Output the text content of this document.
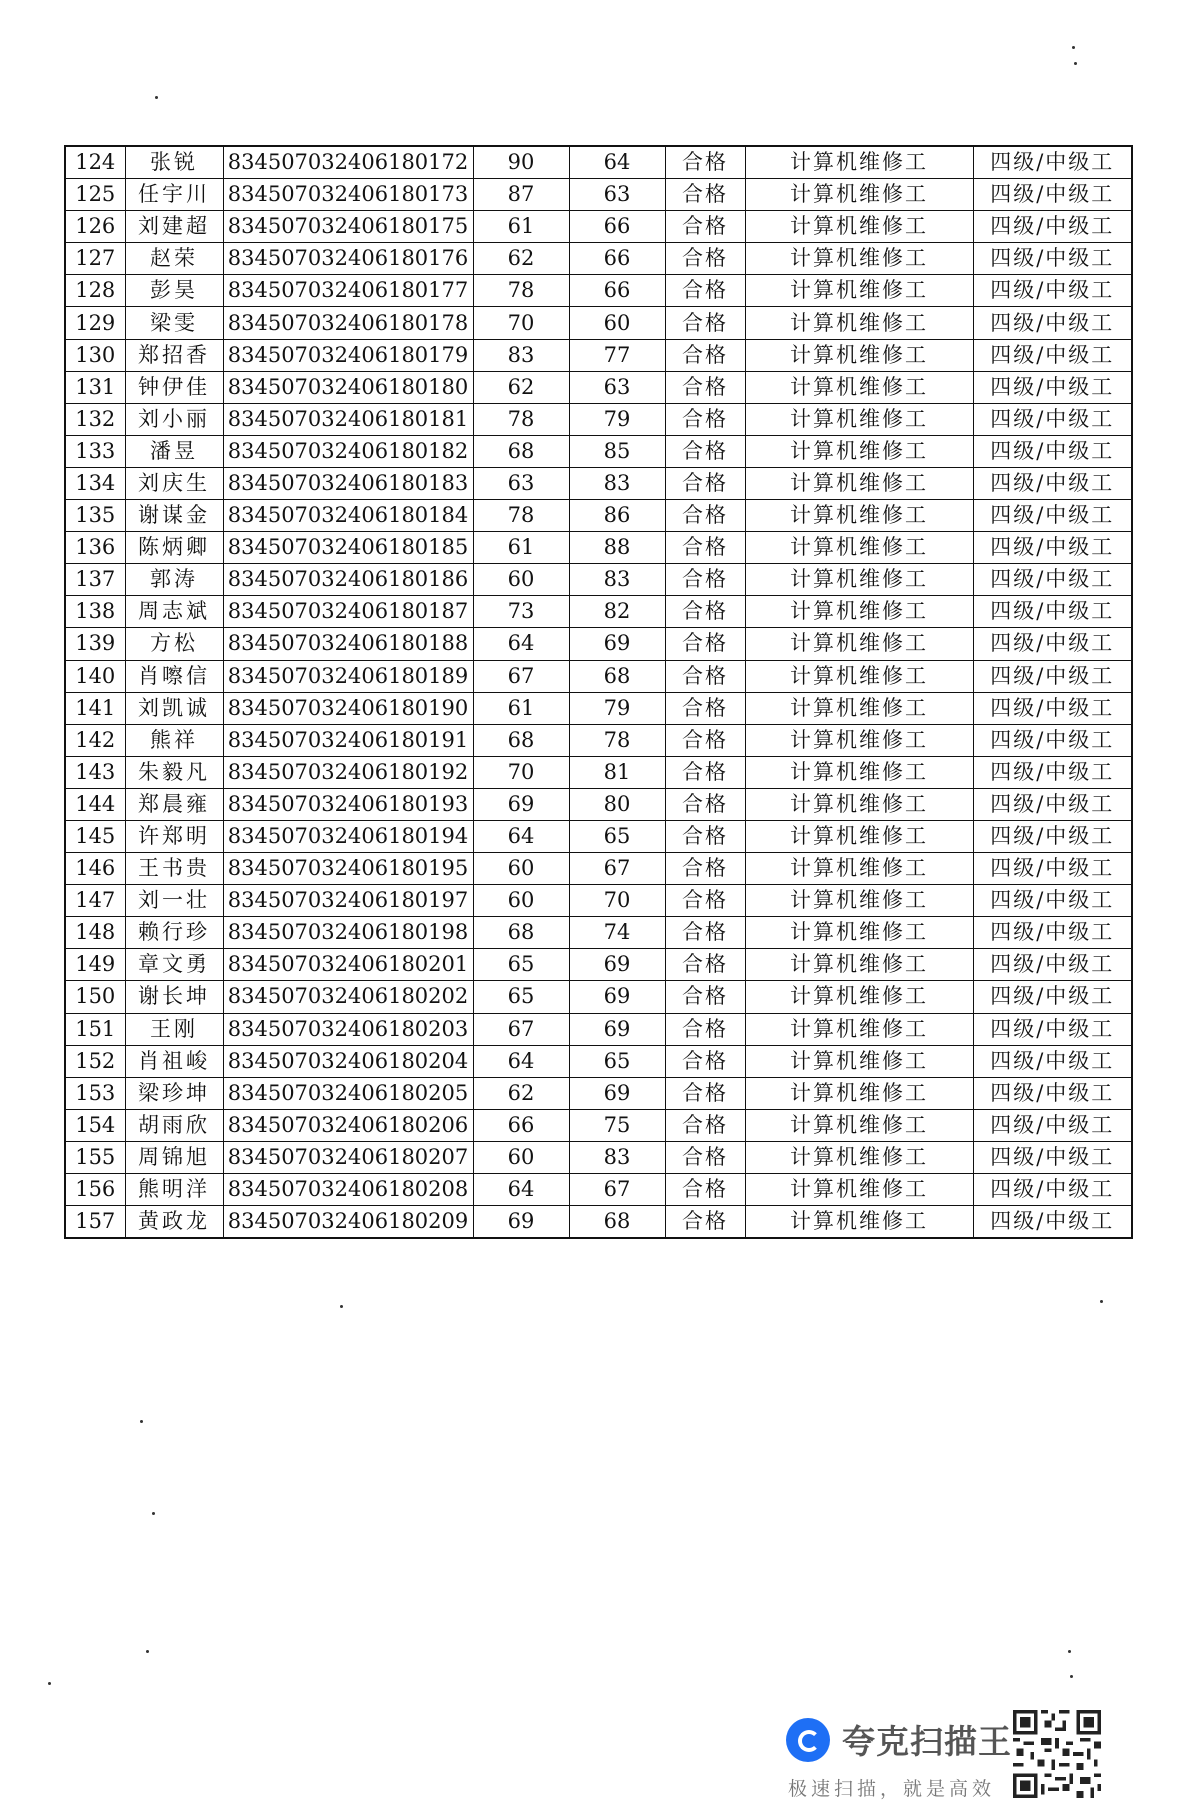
124	张锐	834507032406180172	90	64	合格	计算机维修工	四级/中级工
125	任宇川	834507032406180173	87	63	合格	计算机维修工	四级/中级工
126	刘建超	834507032406180175	61	66	合格	计算机维修工	四级/中级工
127	赵荣	834507032406180176	62	66	合格	计算机维修工	四级/中级工
128	彭昊	834507032406180177	78	66	合格	计算机维修工	四级/中级工
129	梁雯	834507032406180178	70	60	合格	计算机维修工	四级/中级工
130	郑招香	834507032406180179	83	77	合格	计算机维修工	四级/中级工
131	钟伊佳	834507032406180180	62	63	合格	计算机维修工	四级/中级工
132	刘小丽	834507032406180181	78	79	合格	计算机维修工	四级/中级工
133	潘昱	834507032406180182	68	85	合格	计算机维修工	四级/中级工
134	刘庆生	834507032406180183	63	83	合格	计算机维修工	四级/中级工
135	谢谋金	834507032406180184	78	86	合格	计算机维修工	四级/中级工
136	陈炳卿	834507032406180185	61	88	合格	计算机维修工	四级/中级工
137	郭涛	834507032406180186	60	83	合格	计算机维修工	四级/中级工
138	周志斌	834507032406180187	73	82	合格	计算机维修工	四级/中级工
139	方松	834507032406180188	64	69	合格	计算机维修工	四级/中级工
140	肖嚓信	834507032406180189	67	68	合格	计算机维修工	四级/中级工
141	刘凯诚	834507032406180190	61	79	合格	计算机维修工	四级/中级工
142	熊祥	834507032406180191	68	78	合格	计算机维修工	四级/中级工
143	朱毅凡	834507032406180192	70	81	合格	计算机维修工	四级/中级工
144	郑晨雍	834507032406180193	69	80	合格	计算机维修工	四级/中级工
145	许郑明	834507032406180194	64	65	合格	计算机维修工	四级/中级工
146	王书贵	834507032406180195	60	67	合格	计算机维修工	四级/中级工
147	刘一壮	834507032406180197	60	70	合格	计算机维修工	四级/中级工
148	赖行珍	834507032406180198	68	74	合格	计算机维修工	四级/中级工
149	章文勇	834507032406180201	65	69	合格	计算机维修工	四级/中级工
150	谢长坤	834507032406180202	65	69	合格	计算机维修工	四级/中级工
151	王刚	834507032406180203	67	69	合格	计算机维修工	四级/中级工
152	肖祖峻	834507032406180204	64	65	合格	计算机维修工	四级/中级工
153	梁珍坤	834507032406180205	62	69	合格	计算机维修工	四级/中级工
154	胡雨欣	834507032406180206	66	75	合格	计算机维修工	四级/中级工
155	周锦旭	834507032406180207	60	83	合格	计算机维修工	四级/中级工
156	熊明洋	834507032406180208	64	67	合格	计算机维修工	四级/中级工
157	黄政龙	834507032406180209	69	68	合格	计算机维修工	四级/中级工
夸克扫描王
极速扫描，就是高效
